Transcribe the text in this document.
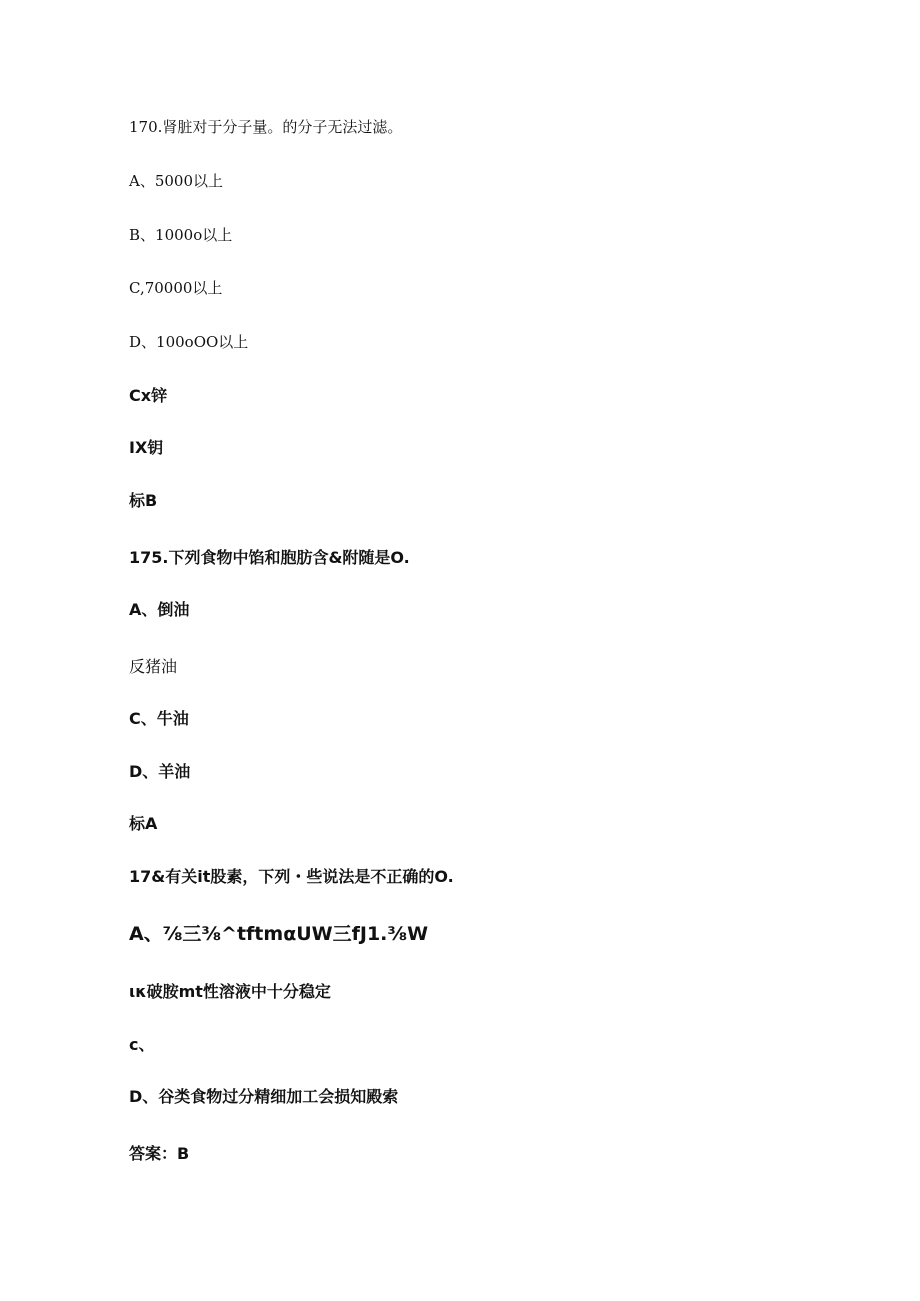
170.肾脏对于分子量。的分子无法过滤。
A、5000以上
B、1000o以上
C,70000以上
D、100oOO以上
Cx锌
IX钥
标B
175.下列食物中馅和胞肪含&附随是O.
A、倒油
反猪油
C、牛油
D、羊油
标A
17&有关it股素，下列・些说法是不正确的O.
A、⅞三⅜^tftmαUW三fJ1.⅜W
ικ破胺mt性溶液中十分稳定
c、
D、谷类食物过分精细加工会损知殿索
答案：B
